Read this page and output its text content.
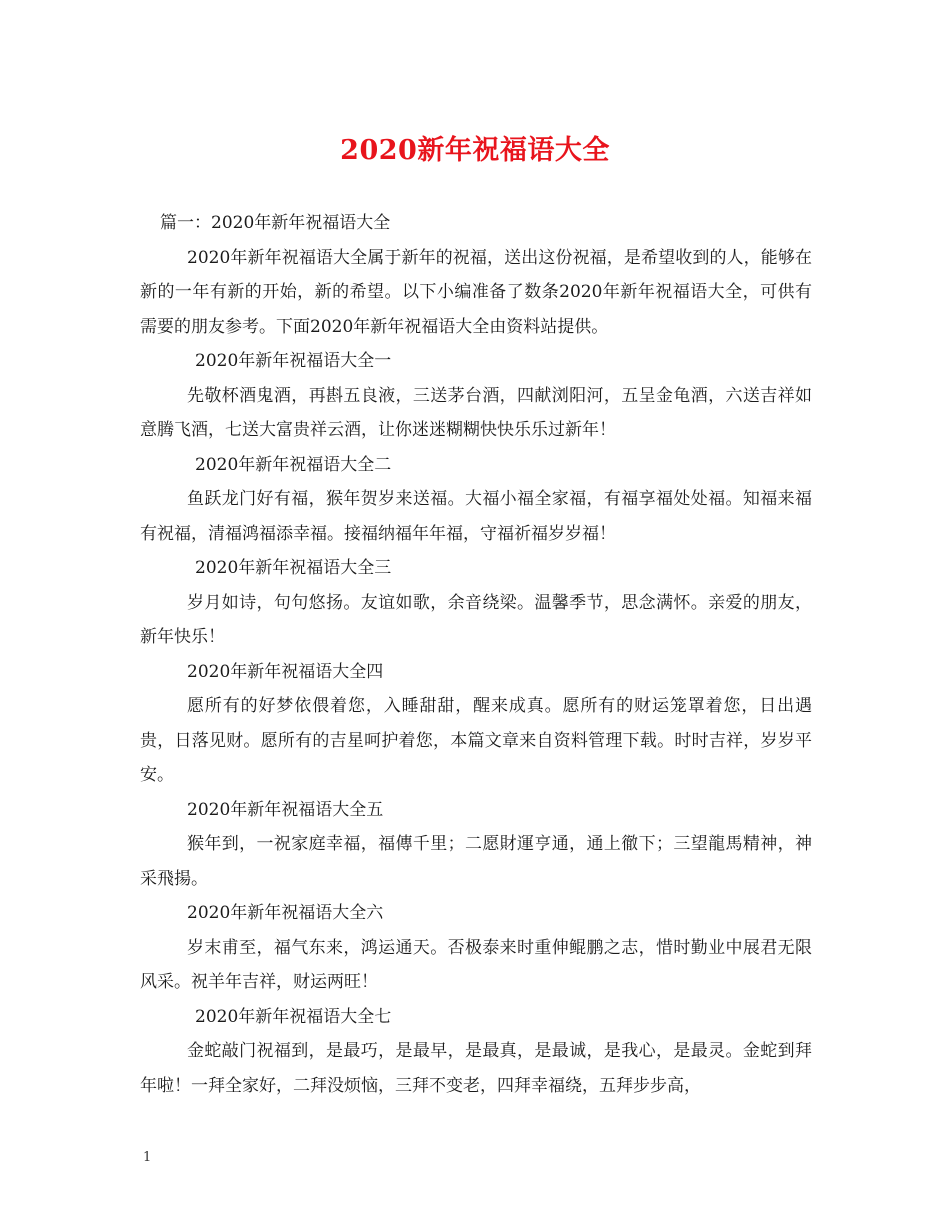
2020新年祝福语大全

篇一：2020年新年祝福语大全

2020年新年祝福语大全属于新年的祝福，送出这份祝福，是希望收到的人，能够在新的一年有新的开始，新的希望。以下小编准备了数条2020年新年祝福语大全，可供有需要的朋友参考。下面2020年新年祝福语大全由资料站提供。

2020年新年祝福语大全一

先敬杯酒鬼酒，再斟五良液，三送茅台酒，四献浏阳河，五呈金龟酒，六送吉祥如意腾飞酒，七送大富贵祥云酒，让你迷迷糊糊快快乐乐过新年！

2020年新年祝福语大全二

鱼跃龙门好有福，猴年贺岁来送福。大福小福全家福，有福享福处处福。知福来福有祝福，清福鸿福添幸福。接福纳福年年福，守福祈福岁岁福！

2020年新年祝福语大全三

岁月如诗，句句悠扬。友谊如歌，余音绕梁。温馨季节，思念满怀。亲爱的朋友，新年快乐！

2020年新年祝福语大全四

愿所有的好梦依偎着您，入睡甜甜，醒来成真。愿所有的财运笼罩着您，日出遇贵，日落见财。愿所有的吉星呵护着您，本篇文章来自资料管理下载。时时吉祥，岁岁平安。

2020年新年祝福语大全五

猴年到，一祝家庭幸福，福傳千里；二愿財運亨通，通上徹下；三望龍馬精神，神采飛揚。

2020年新年祝福语大全六

岁末甫至，福气东来，鸿运通天。否极泰来时重伸鲲鹏之志，惜时勤业中展君无限风采。祝羊年吉祥，财运两旺！

2020年新年祝福语大全七

金蛇敲门祝福到，是最巧，是最早，是最真，是最诚，是我心，是最灵。金蛇到拜年啦！一拜全家好，二拜没烦恼，三拜不变老，四拜幸福绕，五拜步步高，

1
